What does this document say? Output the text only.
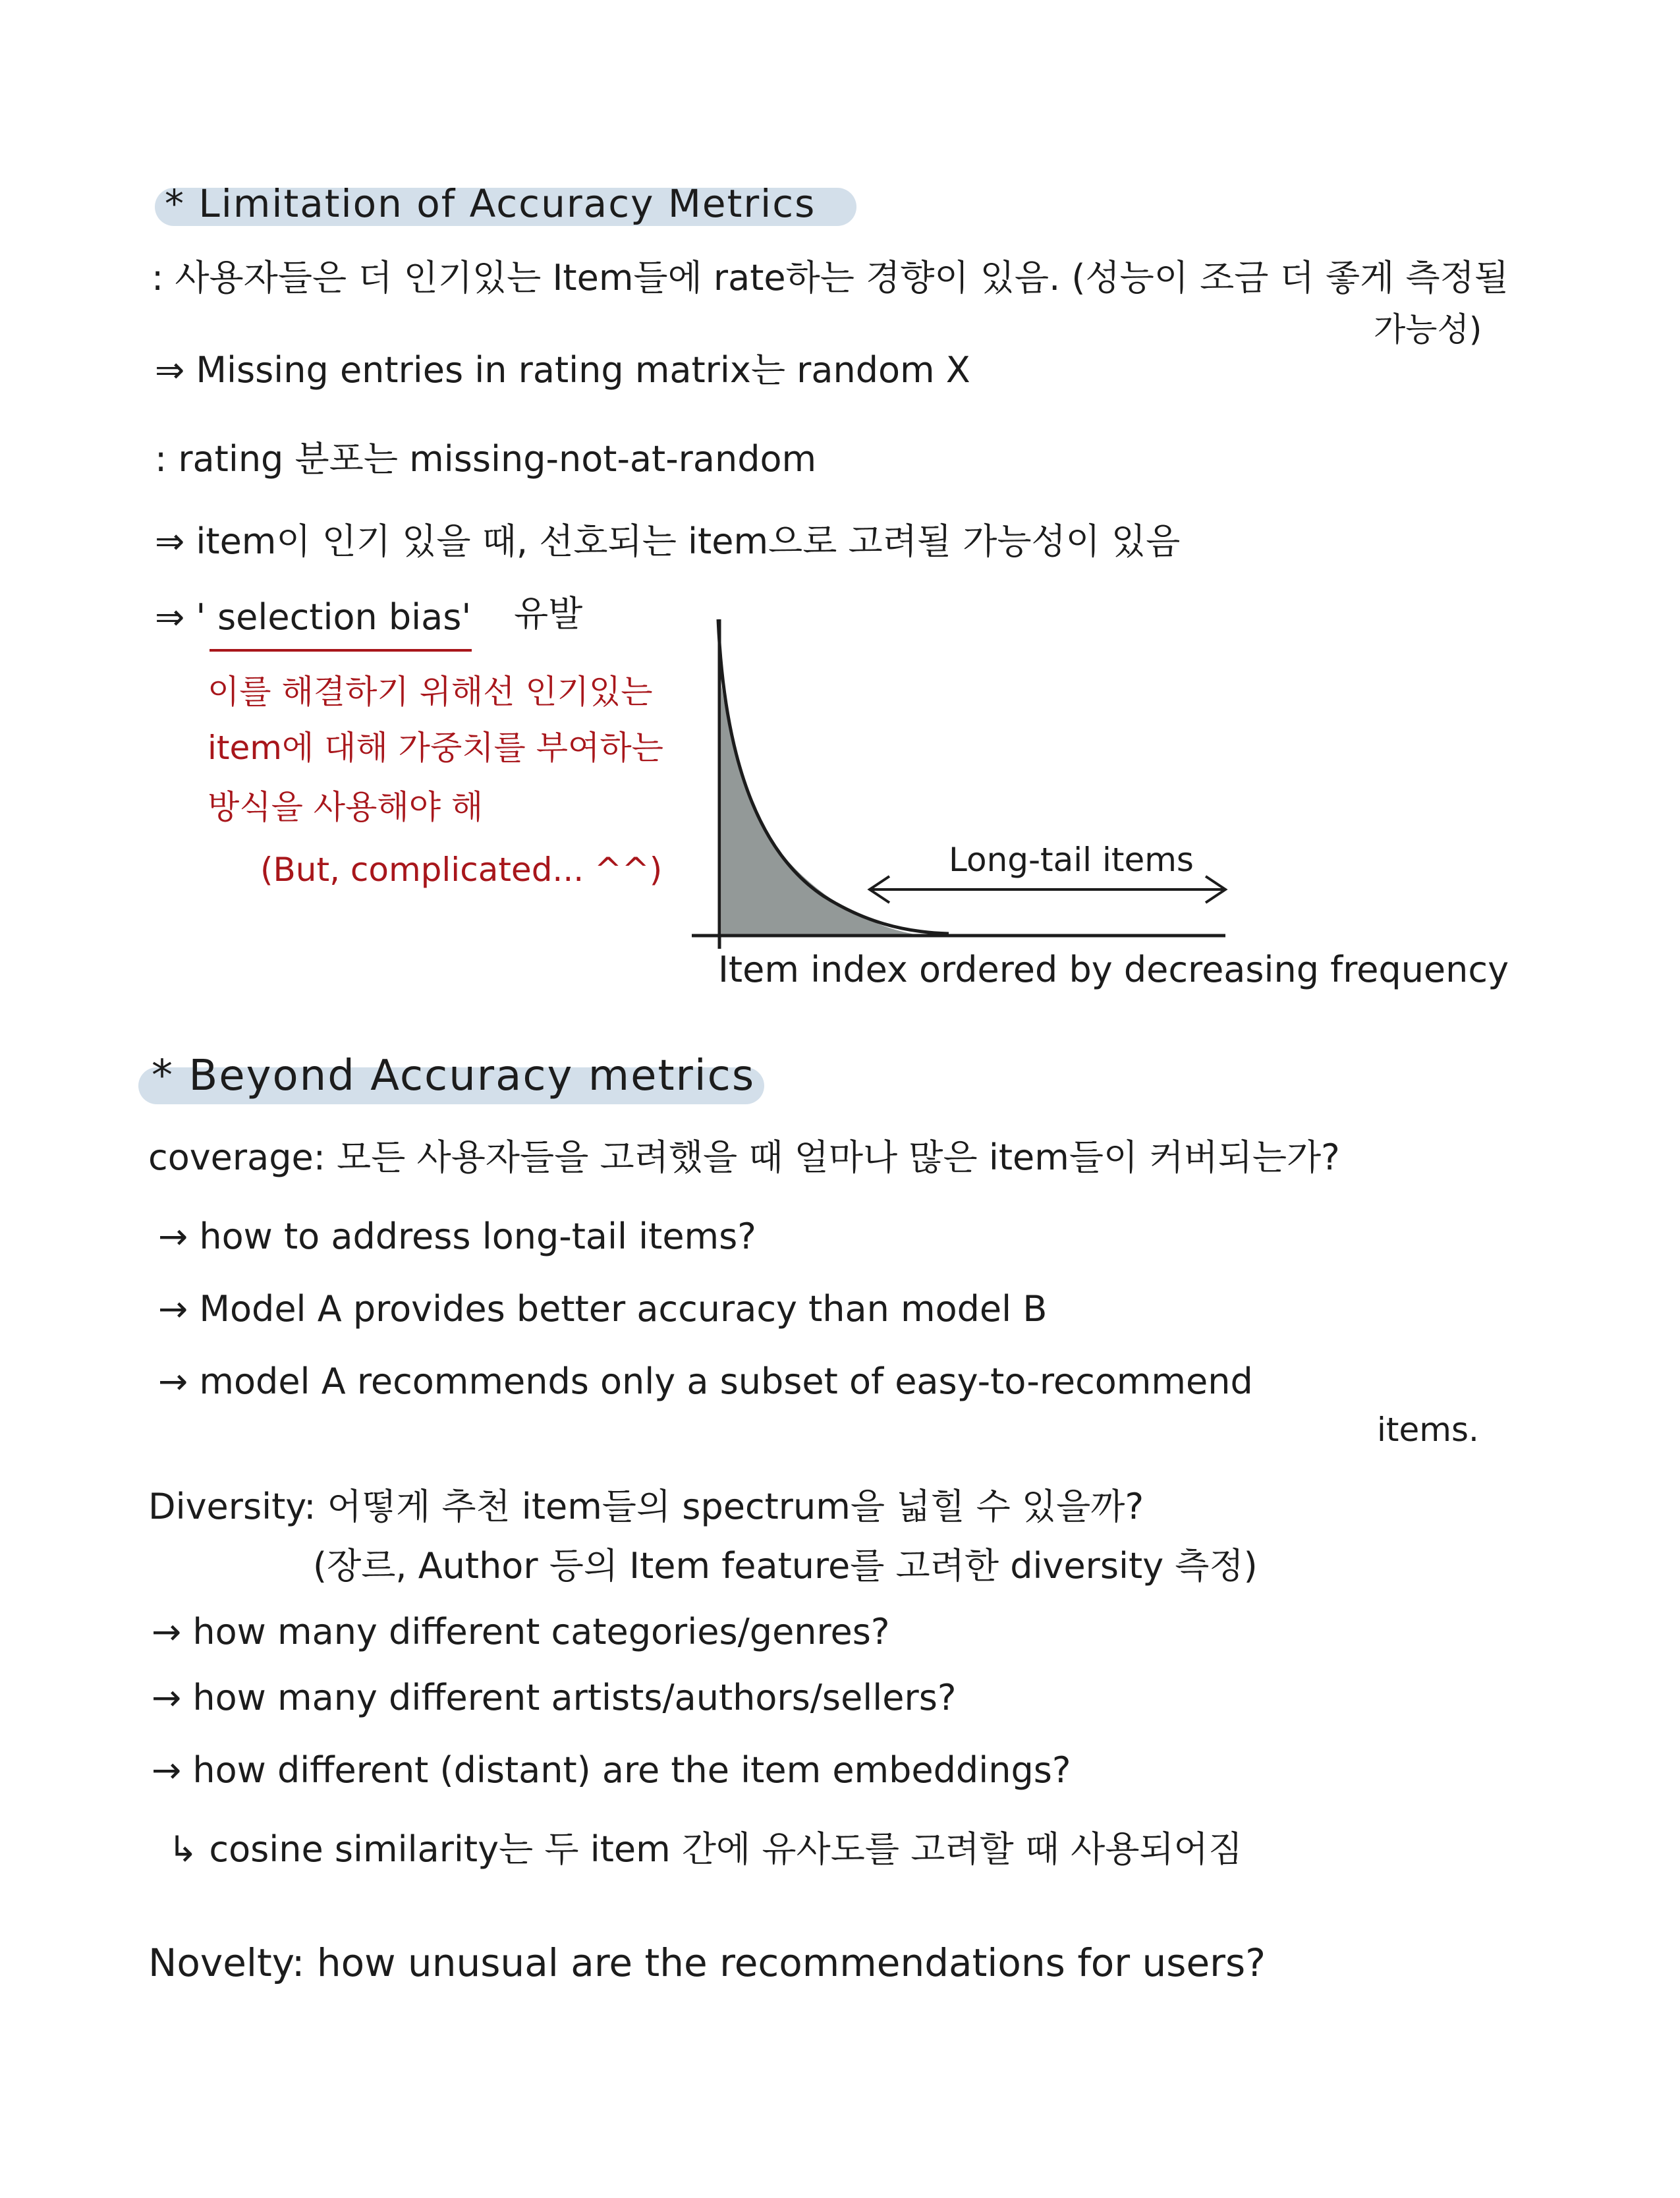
* Limitation of Accuracy Metrics
: 사용자들은 더 인기있는 Item들에 rate하는 경향이 있음. (성능이 조금 더 좋게 측정될
가능성)
⇒ Missing entries in rating matrix는 random X
: rating 분포는 missing-not-at-random
⇒ item이 인기 있을 때, 선호되는 item으로 고려될 가능성이 있음
⇒ ' selection bias' 유발
이를 해결하기 위해선 인기있는
item에 대해 가중치를 부여하는
방식을 사용해야 해
(But, complicated... ^^)	Long-tail items
Item index ordered by decreasing frequency
* Beyond Accuracy metrics
coverage: 모든 사용자들을 고려했을 때 얼마나 많은 item들이 커버되는가?
→ how to address long-tail items?
→ Model A provides better accuracy than model B
→ model A recommends only a subset of easy-to-recommend
items.
Diversity: 어떻게 추천 item들의 spectrum을 넓힐 수 있을까?
(장르, Author 등의 Item feature를 고려한 diversity 측정)
→ how many different categories/genres?
→ how many different artists/authors/sellers?
→ how different (distant) are the item embeddings?
↳ cosine similarity는 두 item 간에 유사도를 고려할 때 사용되어짐
Novelty: how unusual are the recommendations for users?
